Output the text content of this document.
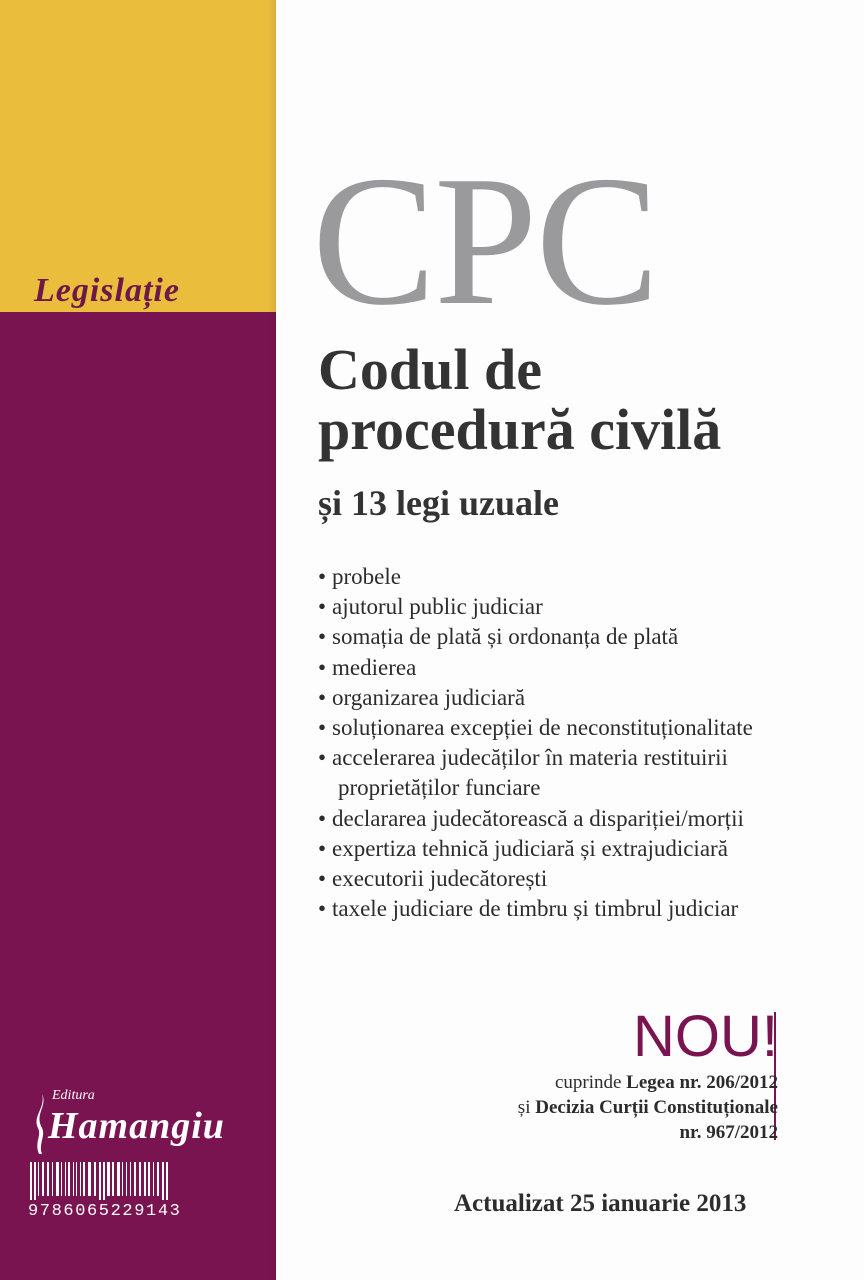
Legislație CPC
Codul de
procedură civilă
și 13 legi uzuale
• probele
• ajutorul public judiciar
• somația de plată și ordonanța de plată
• medierea
• organizarea judiciară
• soluționarea excepției de neconstituționalitate
• accelerarea judecăților în materia restituirii
proprietăților funciare
• declararea judecătorească a dispariției/morții
• expertiza tehnică judiciară și extrajudiciară
• executorii judecătorești
• taxele judiciare de timbru și timbrul judiciar
NOU!
cuprinde Legea nr. 206/2012
și Decizia Curții Constituționale
nr. 967/2012
Actualizat 25 ianuarie 2013
Editura
Hamangiu
9786065229143
